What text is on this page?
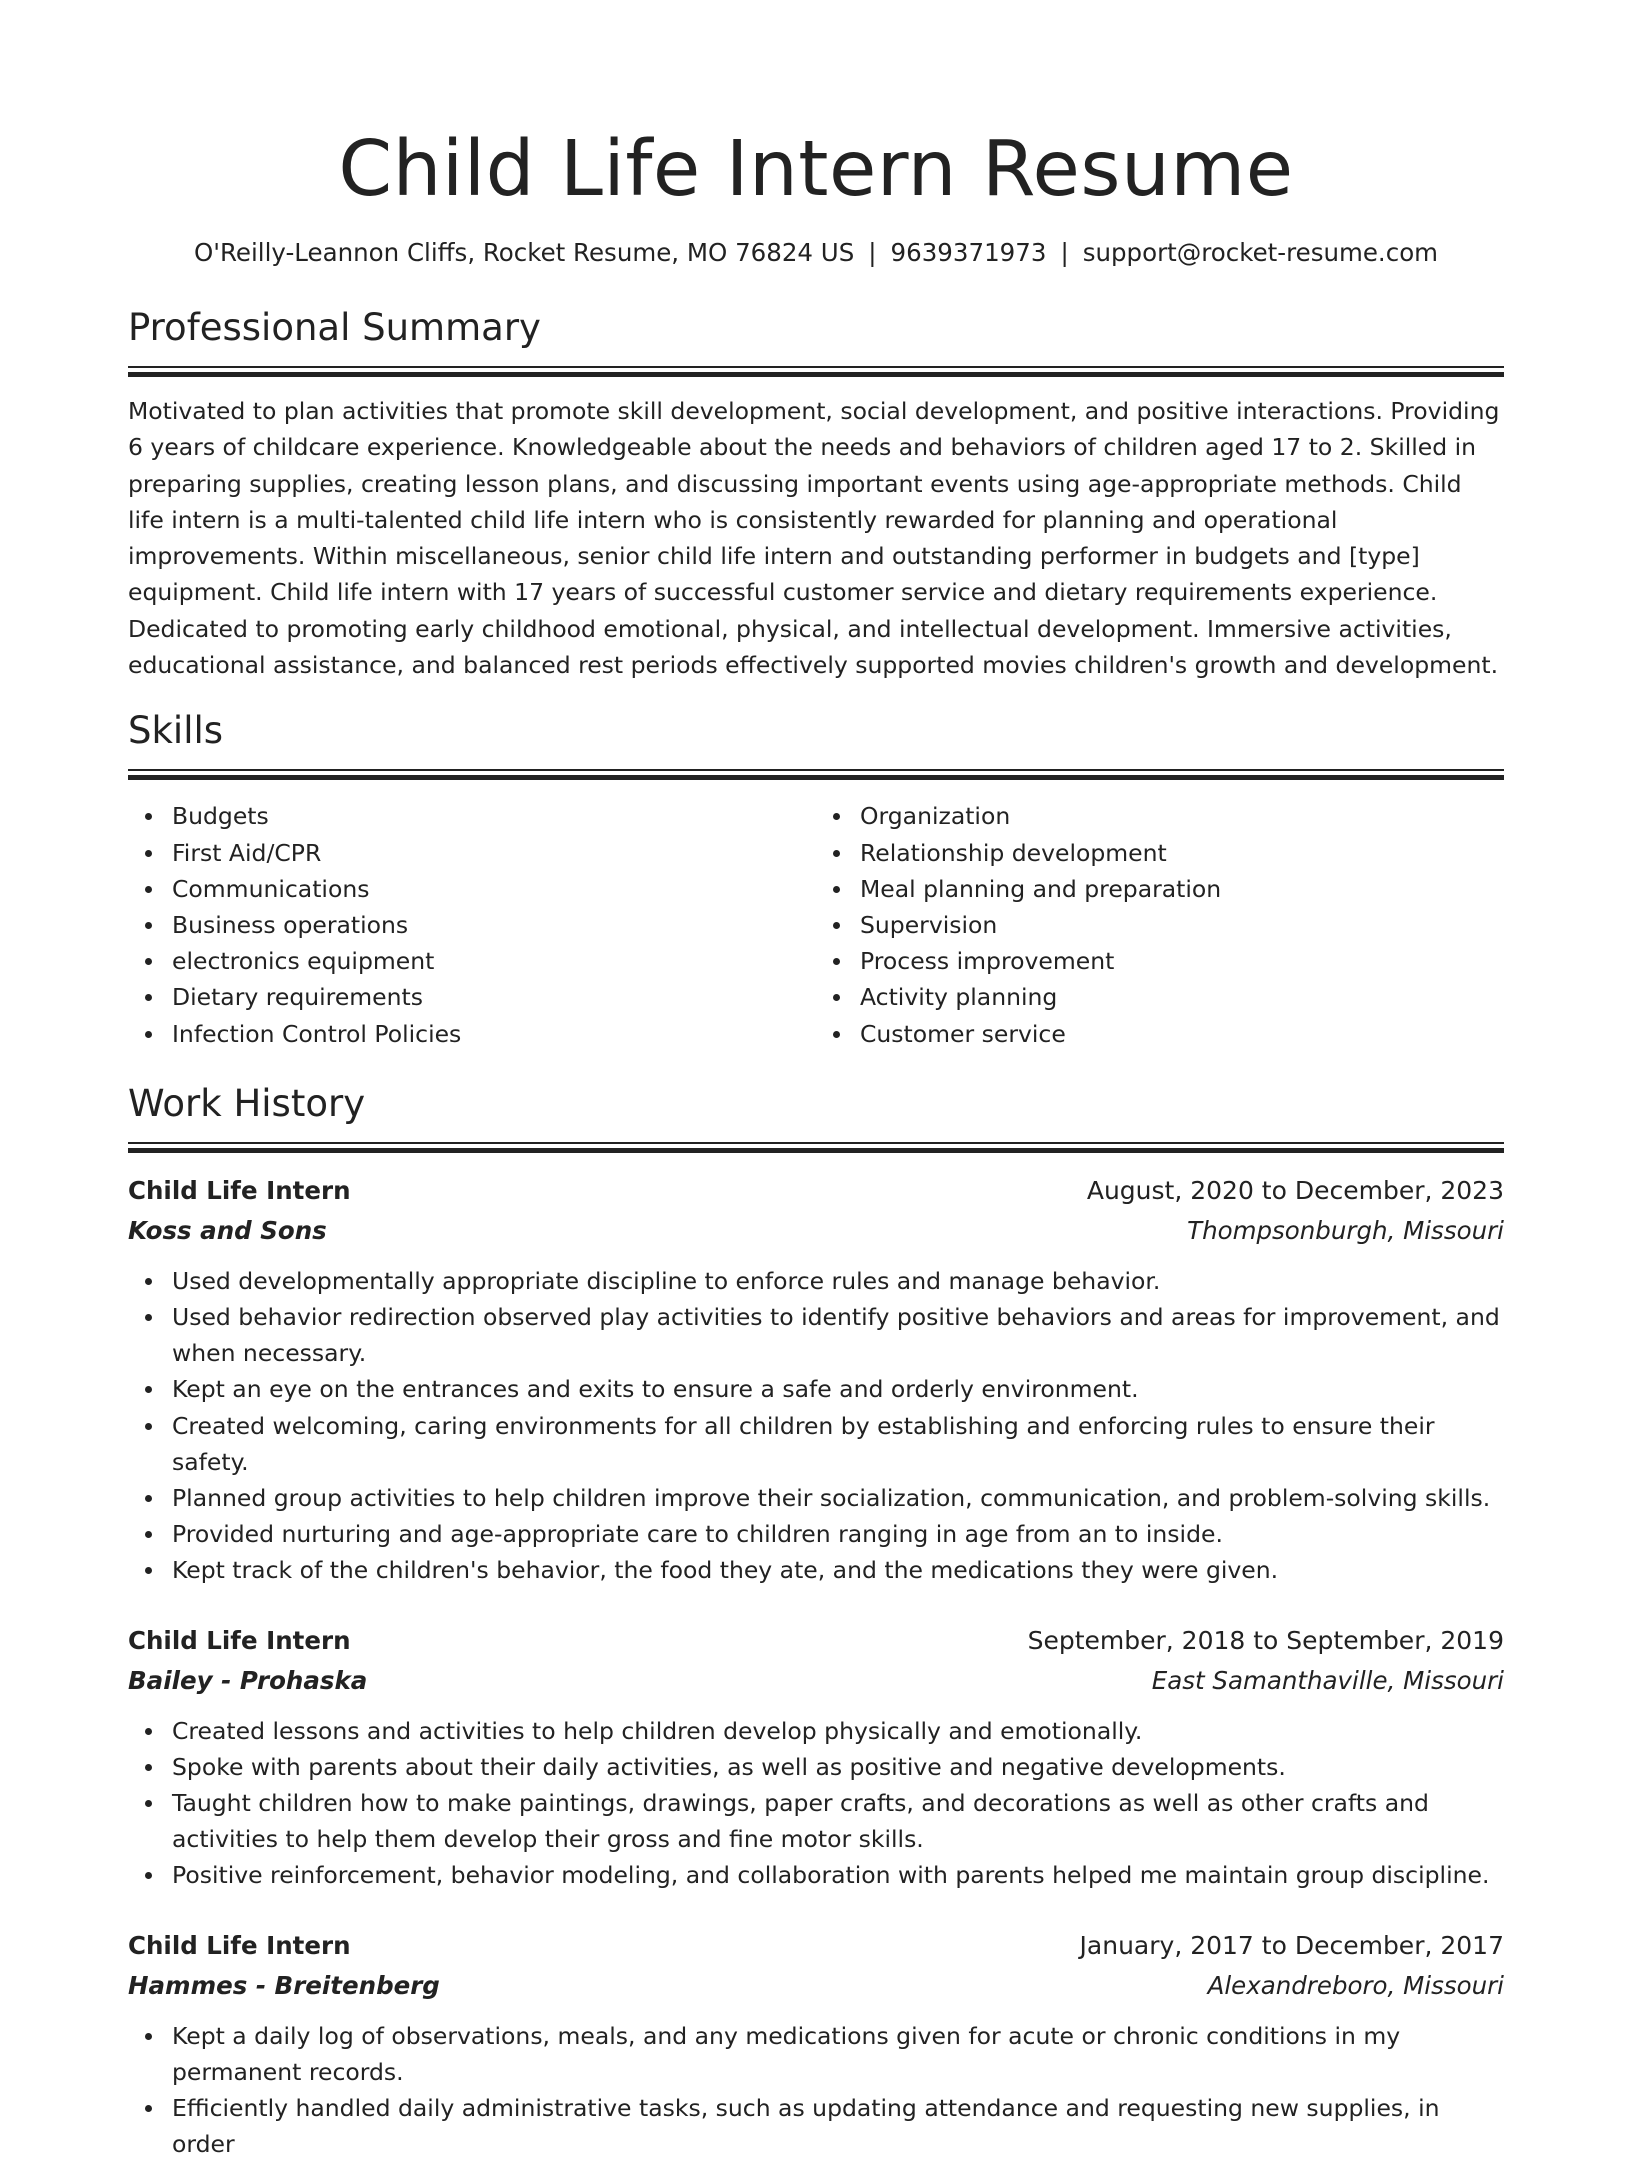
Child Life Intern Resume
O'Reilly-Leannon Cliffs, Rocket Resume, MO 76824 US | 9639371973 | support@rocket-resume.com
Professional Summary

Motivated to plan activities that promote skill development, social development, and positive interactions. Providing 6 years of childcare experience. Knowledgeable about the needs and behaviors of children aged 17 to 2. Skilled in preparing supplies, creating lesson plans, and discussing important events using age-appropriate methods. Child life intern is a multi-talented child life intern who is consistently rewarded for planning and operational improvements. Within miscellaneous, senior child life intern and outstanding performer in budgets and [type] equipment. Child life intern with 17 years of successful customer service and dietary requirements experience. Dedicated to promoting early childhood emotional, physical, and intellectual development. Immersive activities, educational assistance, and balanced rest periods effectively supported movies children's growth and development.

Skills
Budgets
First Aid/CPR
Communications
Business operations
electronics equipment
Dietary requirements
Infection Control Policies
Organization
Relationship development
Meal planning and preparation
Supervision
Process improvement
Activity planning
Customer service
Work History
Child Life Intern	August, 2020 to December, 2023
Koss and Sons	Thompsonburgh, Missouri
Used developmentally appropriate discipline to enforce rules and manage behavior.
Used behavior redirection observed play activities to identify positive behaviors and areas for improvement, and when necessary.
Kept an eye on the entrances and exits to ensure a safe and orderly environment.
Created welcoming, caring environments for all children by establishing and enforcing rules to ensure their safety.
Planned group activities to help children improve their socialization, communication, and problem-solving skills.
Provided nurturing and age-appropriate care to children ranging in age from an to inside.
Kept track of the children's behavior, the food they ate, and the medications they were given.
Child Life Intern	September, 2018 to September, 2019
Bailey - Prohaska	East Samanthaville, Missouri
Created lessons and activities to help children develop physically and emotionally.
Spoke with parents about their daily activities, as well as positive and negative developments.
Taught children how to make paintings, drawings, paper crafts, and decorations as well as other crafts and activities to help them develop their gross and fine motor skills.
Positive reinforcement, behavior modeling, and collaboration with parents helped me maintain group discipline.
Child Life Intern	January, 2017 to December, 2017
Hammes - Breitenberg	Alexandreboro, Missouri
Kept a daily log of observations, meals, and any medications given for acute or chronic conditions in my permanent records.
Efficiently handled daily administrative tasks, such as updating attendance and requesting new supplies, in order
